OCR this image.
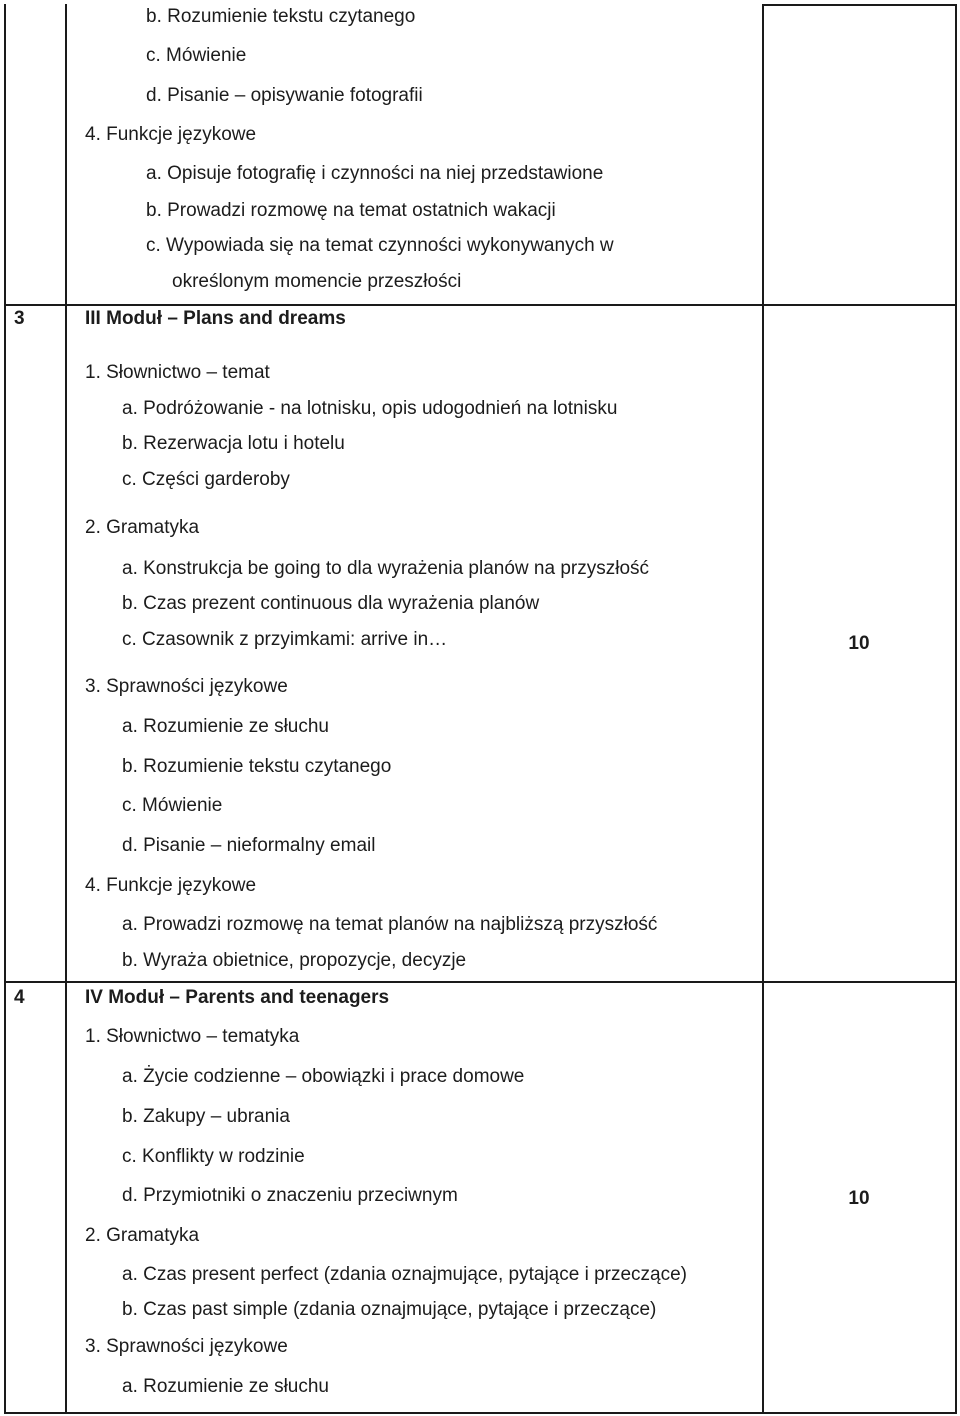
b. Rozumienie tekstu czytanego
c. Mówienie
d. Pisanie – opisywanie fotografii
4. Funkcje językowe
a. Opisuje fotografię i czynności na niej przedstawione
b. Prowadzi rozmowę na temat ostatnich wakacji
c. Wypowiada się na temat czynności wykonywanych w
określonym momencie przeszłości
3	III Moduł – Plans and dreams
1. Słownictwo – temat
a. Podróżowanie - na lotnisku, opis udogodnień na lotnisku
b. Rezerwacja lotu i hotelu
c. Części garderoby
2. Gramatyka
a. Konstrukcja be going to dla wyrażenia planów na przyszłość
b. Czas prezent continuous dla wyrażenia planów
c. Czasownik z przyimkami: arrive in…	10
3. Sprawności językowe
a. Rozumienie ze słuchu
b. Rozumienie tekstu czytanego
c. Mówienie
d. Pisanie – nieformalny email
4. Funkcje językowe
a. Prowadzi rozmowę na temat planów na najbliższą przyszłość
b. Wyraża obietnice, propozycje, decyzje
4	IV Moduł – Parents and teenagers
1. Słownictwo – tematyka
a. Życie codzienne – obowiązki i prace domowe
b. Zakupy – ubrania
c. Konflikty w rodzinie
d. Przymiotniki o znaczeniu przeciwnym	10
2. Gramatyka
a. Czas present perfect (zdania oznajmujące, pytające i przeczące)
b. Czas past simple (zdania oznajmujące, pytające i przeczące)
3. Sprawności językowe
a. Rozumienie ze słuchu
